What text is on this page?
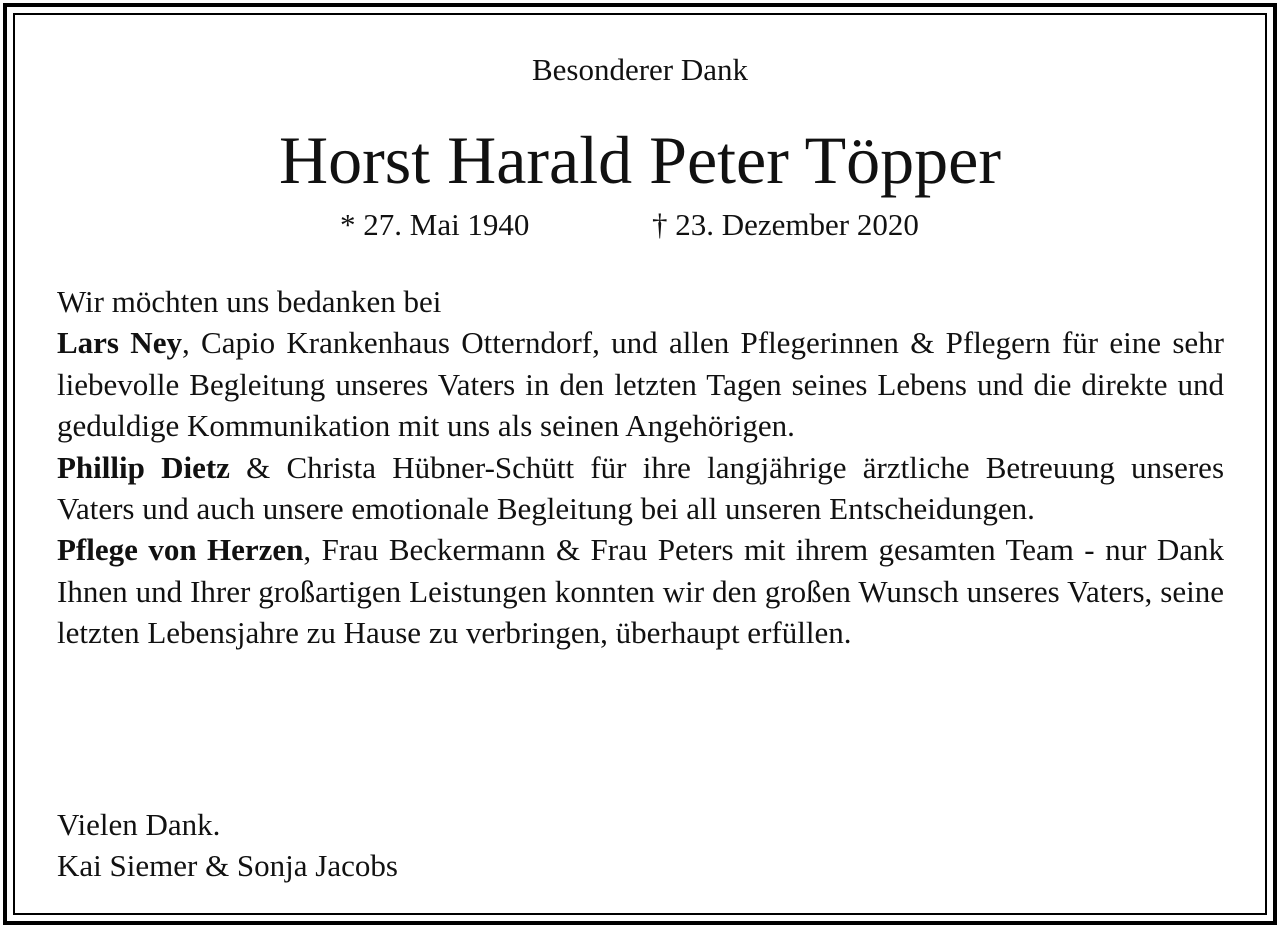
Besonderer Dank
Horst Harald Peter Töpper
* 27. Mai 1940	† 23. Dezember 2020

Wir möchten uns bedanken bei

Lars Ney, Capio Krankenhaus Otterndorf, und allen Pflegerinnen & Pflegern für eine sehr liebevolle Begleitung unseres Vaters in den letzten Tagen seines Lebens und die direkte und geduldige Kommunikation mit uns als seinen Angehörigen.

Phillip Dietz & Christa Hübner-Schütt für ihre langjährige ärztliche Betreuung unseres Vaters und auch unsere emotionale Begleitung bei all unseren Entscheidungen.

Pflege von Herzen, Frau Beckermann & Frau Peters mit ihrem gesamten Team - nur Dank Ihnen und Ihrer großartigen Leistungen konnten wir den großen Wunsch unseres Vaters, seine letzten Lebensjahre zu Hause zu verbringen, überhaupt erfüllen.

Vielen Dank.
Kai Siemer & Sonja Jacobs
